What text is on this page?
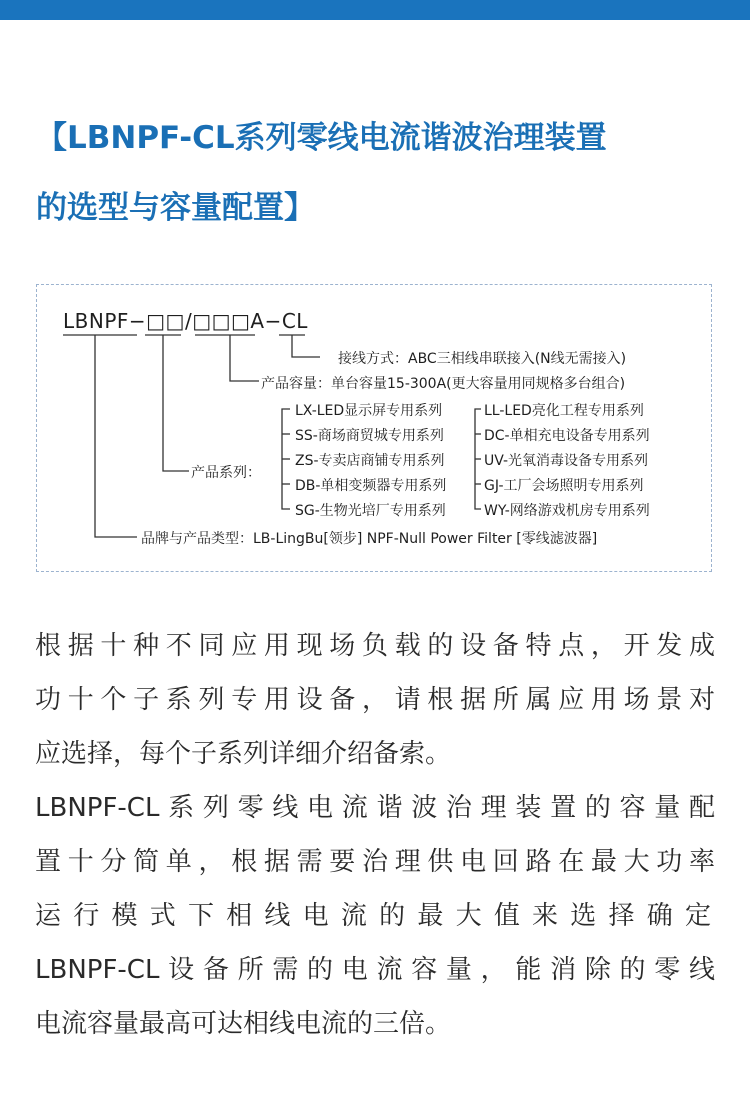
【LBNPF-CL系列零线电流谐波治理装置
的选型与容量配置】
LBNPF−□□/□□□A−CL
接线方式：ABC三相线串联接入(N线无需接入)
产品容量：单台容量15-300A(更大容量用同规格多台组合)
产品系列：
LX-LED显示屏专用系列
SS-商场商贸城专用系列
ZS-专卖店商铺专用系列
DB-单相变频器专用系列
SG-生物光培厂专用系列
LL-LED亮化工程专用系列
DC-单相充电设备专用系列
UV-光氧消毒设备专用系列
GJ-工厂会场照明专用系列
WY-网络游戏机房专用系列
品牌与产品类型：LB-LingBu[领步] NPF-Null Power Filter [零线滤波器]

根据十种不同应用现场负载的设备特点，开发成

功十个子系列专用设备，请根据所属应用场景对

应选择，每个子系列详细介绍备索。

LBNPF-CL系列零线电流谐波治理装置的容量配

置十分简单，根据需要治理供电回路在最大功率

运行模式下相线电流的最大值来选择确定

LBNPF-CL设备所需的电流容量，能消除的零线

电流容量最高可达相线电流的三倍。
